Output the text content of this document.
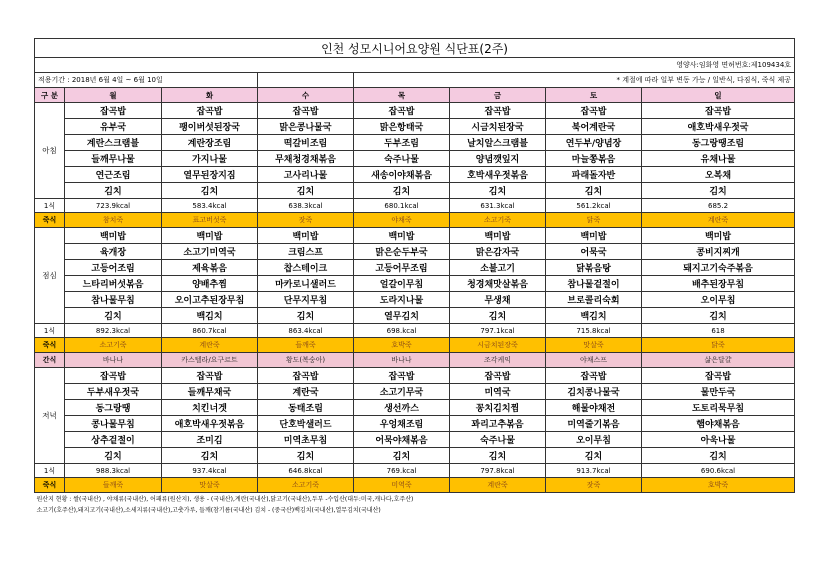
인천 성모시니어요양원 식단표(2주)							
영양사:임화영 면허번호:제109434호							
적용기간 : 2018년 6월 4일 ~ 6월 10일				* 계절에 따라 일부 변동 가능 / 일반식, 다짐식, 죽식 제공			
구 분	월	화	수	목	금	토	일
아침	잡곡밥	잡곡밥	잡곡밥	잡곡밥	잡곡밥	잡곡밥	잡곡밥
	유부국	팽이버섯된장국	맑은콩나물국	맑은항태국	시금치된장국	북어계란국	애호박새우젓국
	계란스크램블	계란장조림	떡갈비조림	두부조림	날치알스크램블	연두부/양념장	동그랑땡조림
	들깨무나물	가지나물	무채청경채볶음	숙주나물	양념깻잎지	마늘쫑볶음	유채나물
	연근조림	열무된장지짐	고사리나물	새송이야채볶음	호박새우젓볶음	파래돌자반	오복채
	김치	김치	김치	김치	김치	김치	김치
1식	723.9kcal	583.4kcal	638.3kcal	680.1kcal	631.3kcal	561.2kcal	685.2
죽식	참치죽	표고버섯죽	잣죽	야채죽	소고기죽	닭죽	계란죽
점심	백미밥	백미밥	백미밥	백미밥	백미밥	백미밥	백미밥
	육개장	소고기미역국	크림스프	맑은순두부국	맑은감자국	어묵국	콩비지찌개
	고등어조림	제육볶음	찹스테이크	고등어무조림	소불고기	닭볶음탕	돼지고기숙주볶음
	느타리버섯볶음	양배추찜	마카로니샐러드	얼갈이무침	청경채맛살볶음	참나물겉절이	배추된장무침
	참나물무침	오이고추된장무침	단무지무침	도라지나물	무생채	브로콜리숙회	오이무침
	김치	백김치	김치	열무김치	김치	백김치	김치
1식	892.3kcal	860.7kcal	863.4kcal	698.kcal	797.1kcal	715.8kcal	618
죽식	소고기죽	계란죽	들깨죽	호박죽	시금치된장죽	맛살죽	닭죽
간식	바나나	카스텔라/요구르트	황도(복숭아)	바나나	조각케익	야채스프	삶은달걀
저녁	잡곡밥	잡곡밥	잡곡밥	잡곡밥	잡곡밥	잡곡밥	잡곡밥
	두부새우젓국	들깨무채국	계란국	소고기무국	미역국	김치콩나물국	물만두국
	동그랑땡	치킨너겟	동태조림	생선까스	꽁치김치찜	해물야채전	도토리묵무침
	콩나물무침	애호박새우젓볶음	단호박샐러드	우엉채조림	꽈리고추볶음	미역줄기볶음	햄야채볶음
	상추겉절이	조미김	미역초무침	어묵야채볶음	숙주나물	오이무침	아욱나물
	김치	김치	김치	김치	김치	김치	김치
1식	988.3kcal	937.4kcal	646.8kcal	769.kcal	797.8kcal	913.7kcal	690.6kcal
죽식	들깨죽	맛살죽	소고기죽	미역죽	계란죽	잣죽	호박죽
원산지 현황 : 쌀(국내산) , 야채류(국내산), 어패류(원산지), 생용 - (국내산),계란(국내산),닭고기(국내산),두부 -수입산(대두:미국,캐나다,호주산)							
소고기(호주산),돼지고기(국내산),소세지류(국내산),고춧가루, 들깨(참기름(국내산) 김치 - (중국산)백김치(국내산),열무김치(국내산)							
